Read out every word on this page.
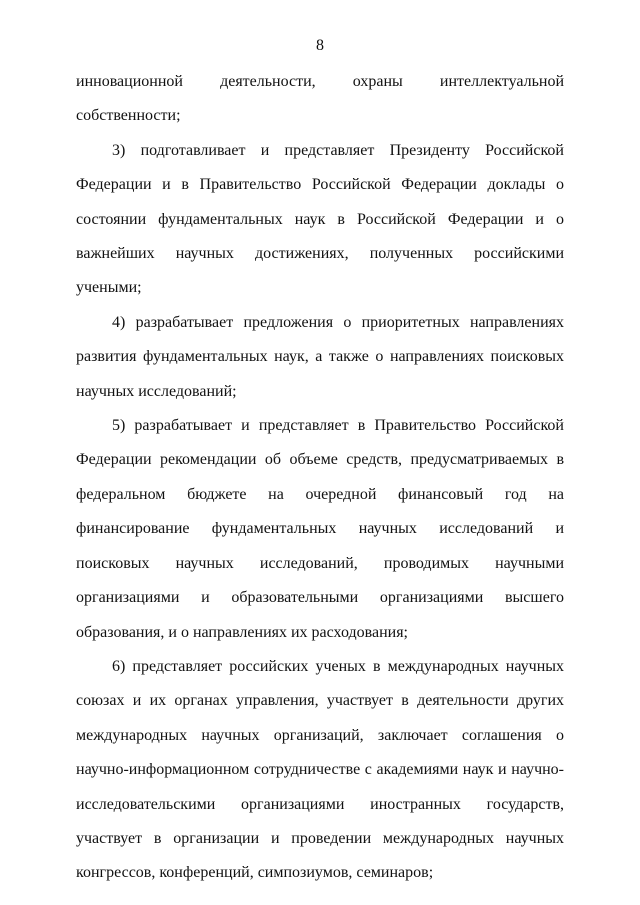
8

инновационной деятельности, охраны интеллектуальной собственности;

3) подготавливает и представляет Президенту Российской Федерации и в Правительство Российской Федерации доклады о состоянии фундаментальных наук в Российской Федерации и о важнейших научных достижениях, полученных российскими учеными;

4) разрабатывает предложения о приоритетных направлениях развития фундаментальных наук, а также о направлениях поисковых научных исследований;

5) разрабатывает и представляет в Правительство Российской Федерации рекомендации об объеме средств, предусматриваемых в федеральном бюджете на очередной финансовый год на финансирование фундаментальных научных исследований и поисковых научных исследований, проводимых научными организациями и образовательными организациями высшего образования, и о направлениях их расходования;

6) представляет российских ученых в международных научных союзах и их органах управления, участвует в деятельности других международных научных организаций, заключает соглашения о научно-информационном сотрудничестве с академиями наук и научно-исследовательскими организациями иностранных государств, участвует в организации и проведении международных научных конгрессов, конференций, симпозиумов, семинаров;
